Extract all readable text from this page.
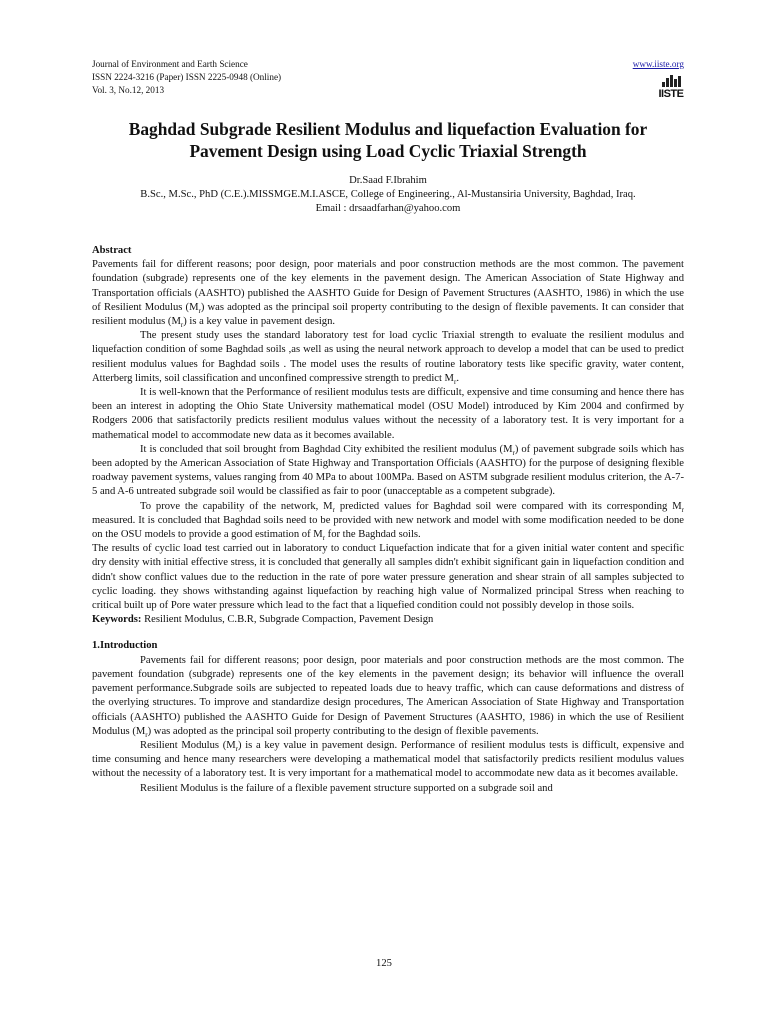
Journal of Environment and Earth Science
ISSN 2224-3216 (Paper) ISSN 2225-0948 (Online)
Vol. 3, No.12, 2013
www.iiste.org
IISTE
Baghdad Subgrade Resilient Modulus and liquefaction Evaluation for Pavement Design using Load Cyclic Triaxial Strength
Dr.Saad F.Ibrahim
B.Sc., M.Sc., PhD (C.E.).MISSMGE.M.I.ASCE, College of Engineering., Al-Mustansiria University, Baghdad, Iraq.
Email : drsaadfarhan@yahoo.com
Abstract

Pavements fail for different reasons; poor design, poor materials and poor construction methods are the most common. The pavement foundation (subgrade) represents one of the key elements in the pavement design. The American Association of State Highway and Transportation officials (AASHTO) published the AASHTO Guide for Design of Pavement Structures (AASHTO, 1986) in which the use of Resilient Modulus $(M_r)$ was adopted as the principal soil property contributing to the design of flexible pavements. It can consider that resilient modulus $(M_r)$ is a key value in pavement design.

The present study uses the standard laboratory test for load cyclic Triaxial strength to evaluate the resilient modulus and liquefaction condition of some Baghdad soils ,as well as using the neural network approach to develop a model that can be used to predict resilient modulus values for Baghdad soils . The model uses the results of routine laboratory tests like specific gravity, water content, Atterberg limits, soil classification and unconfined compressive strength to predict $M_r$.

It is well-known that the Performance of resilient modulus tests are difficult, expensive and time consuming and hence there has been an interest in adopting the Ohio State University mathematical model (OSU Model) introduced by Kim 2004 and confirmed by Rodgers 2006 that satisfactorily predicts resilient modulus values without the necessity of a laboratory test. It is very important for a mathematical model to accommodate new data as it becomes available.

It is concluded that soil brought from Baghdad City exhibited the resilient modulus $(M_r)$ of pavement subgrade soils which has been adopted by the American Association of State Highway and Transportation Officials (AASHTO) for the purpose of designing flexible roadway pavement systems, values ranging from 40 MPa to about 100MPa. Based on ASTM subgrade resilient modulus criterion, the A-7-5 and A-6 untreated subgrade soil would be classified as fair to poor (unacceptable as a competent subgrade).

To prove the capability of the network, $M_r$ predicted values for Baghdad soil were compared with its corresponding $M_r$ measured. It is concluded that Baghdad soils need to be provided with new network and model with some modification needed to be done on the OSU models to provide a good estimation of $M_r$ for the Baghdad soils.

The results of cyclic load test carried out in laboratory to conduct Liquefaction indicate that for a given initial water content and specific dry density with initial effective stress, it is concluded that generally all samples didn't exhibit significant gain in liquefaction condition and didn't show conflict values due to the reduction in the rate of pore water pressure generation and shear strain of all samples subjected to cyclic loading. they shows withstanding against liquefaction by reaching high value of Normalized principal Stress when reaching to critical built up of Pore water pressure which lead to the fact that a liquefied condition could not possibly develop in those soils.

Keywords: Resilient Modulus, C.B.R, Subgrade Compaction, Pavement Design

1.Introduction

Pavements fail for different reasons; poor design, poor materials and poor construction methods are the most common. The pavement foundation (subgrade) represents one of the key elements in the pavement design; its behavior will influence the overall pavement performance.Subgrade soils are subjected to repeated loads due to heavy traffic, which can cause deformations and distress of the overlying structures. To improve and standardize design procedures, The American Association of State Highway and Transportation officials (AASHTO) published the AASHTO Guide for Design of Pavement Structures (AASHTO, 1986) in which the use of Resilient Modulus $(M_r)$ was adopted as the principal soil property contributing to the design of flexible pavements.

Resilient Modulus $(M_r)$ is a key value in pavement design. Performance of resilient modulus tests is difficult, expensive and time consuming and hence many researchers were developing a mathematical model that satisfactorily predicts resilient modulus values without the necessity of a laboratory test. It is very important for a mathematical model to accommodate new data as it becomes available.

Resilient Modulus is the failure of a flexible pavement structure supported on a subgrade soil and

125
